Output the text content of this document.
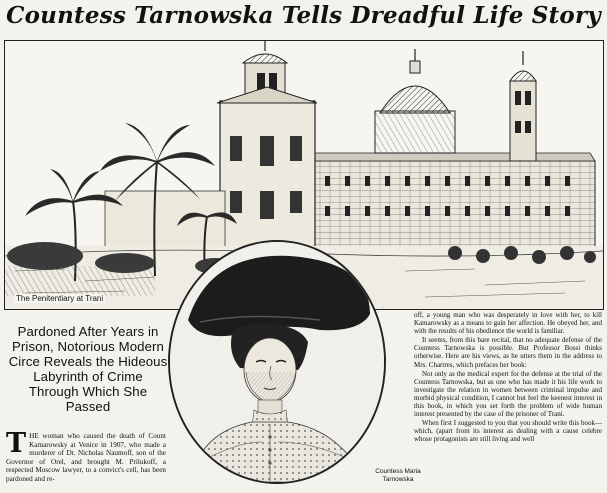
Countess Tarnowska Tells Dreadful Life Story
The Penitentiary at Trani
Countess Maria Tarnowska
Pardoned After Years in Prison, Notorious Modern Circe Reveals the Hideous Labyrinth of Crime Through Which She Passed
THE woman who caused the death of Count Kamarowsky at Venice in 1907, who made a murderer of Dr. Nicholas Naumoff, son of the Governor of Orel, and brought M. Prilukoff, a respected Moscow lawyer, to a convict's cell, has been pardoned and re-

off, a young man who was desperately in love with her, to kill Kamarowsky as a means to gain her affection. He obeyed her, and with the results of his obedience the world is familiar.

It seems, from this bare recital, that no adequate defense of the Countess Tarnowska is possible. But Professor Bossi thinks otherwise. Here are his views, as he utters them in the address to Mrs. Chartres, which prefaces her book:

Not only as the medical expert for the defense at the trial of the Countess Tarnowska, but as one who has made it his life work to investigate the relation in women between criminal impulse and morbid physical condition, I cannot but feel the keenest interest in this book, in which you set forth the problem of wide human interest presented by the case of the prisoner of Trani.

When first I suggested to you that you should write this book—which, (apart from its interest as dealing with a cause celebre whose protagonists are still living and well
